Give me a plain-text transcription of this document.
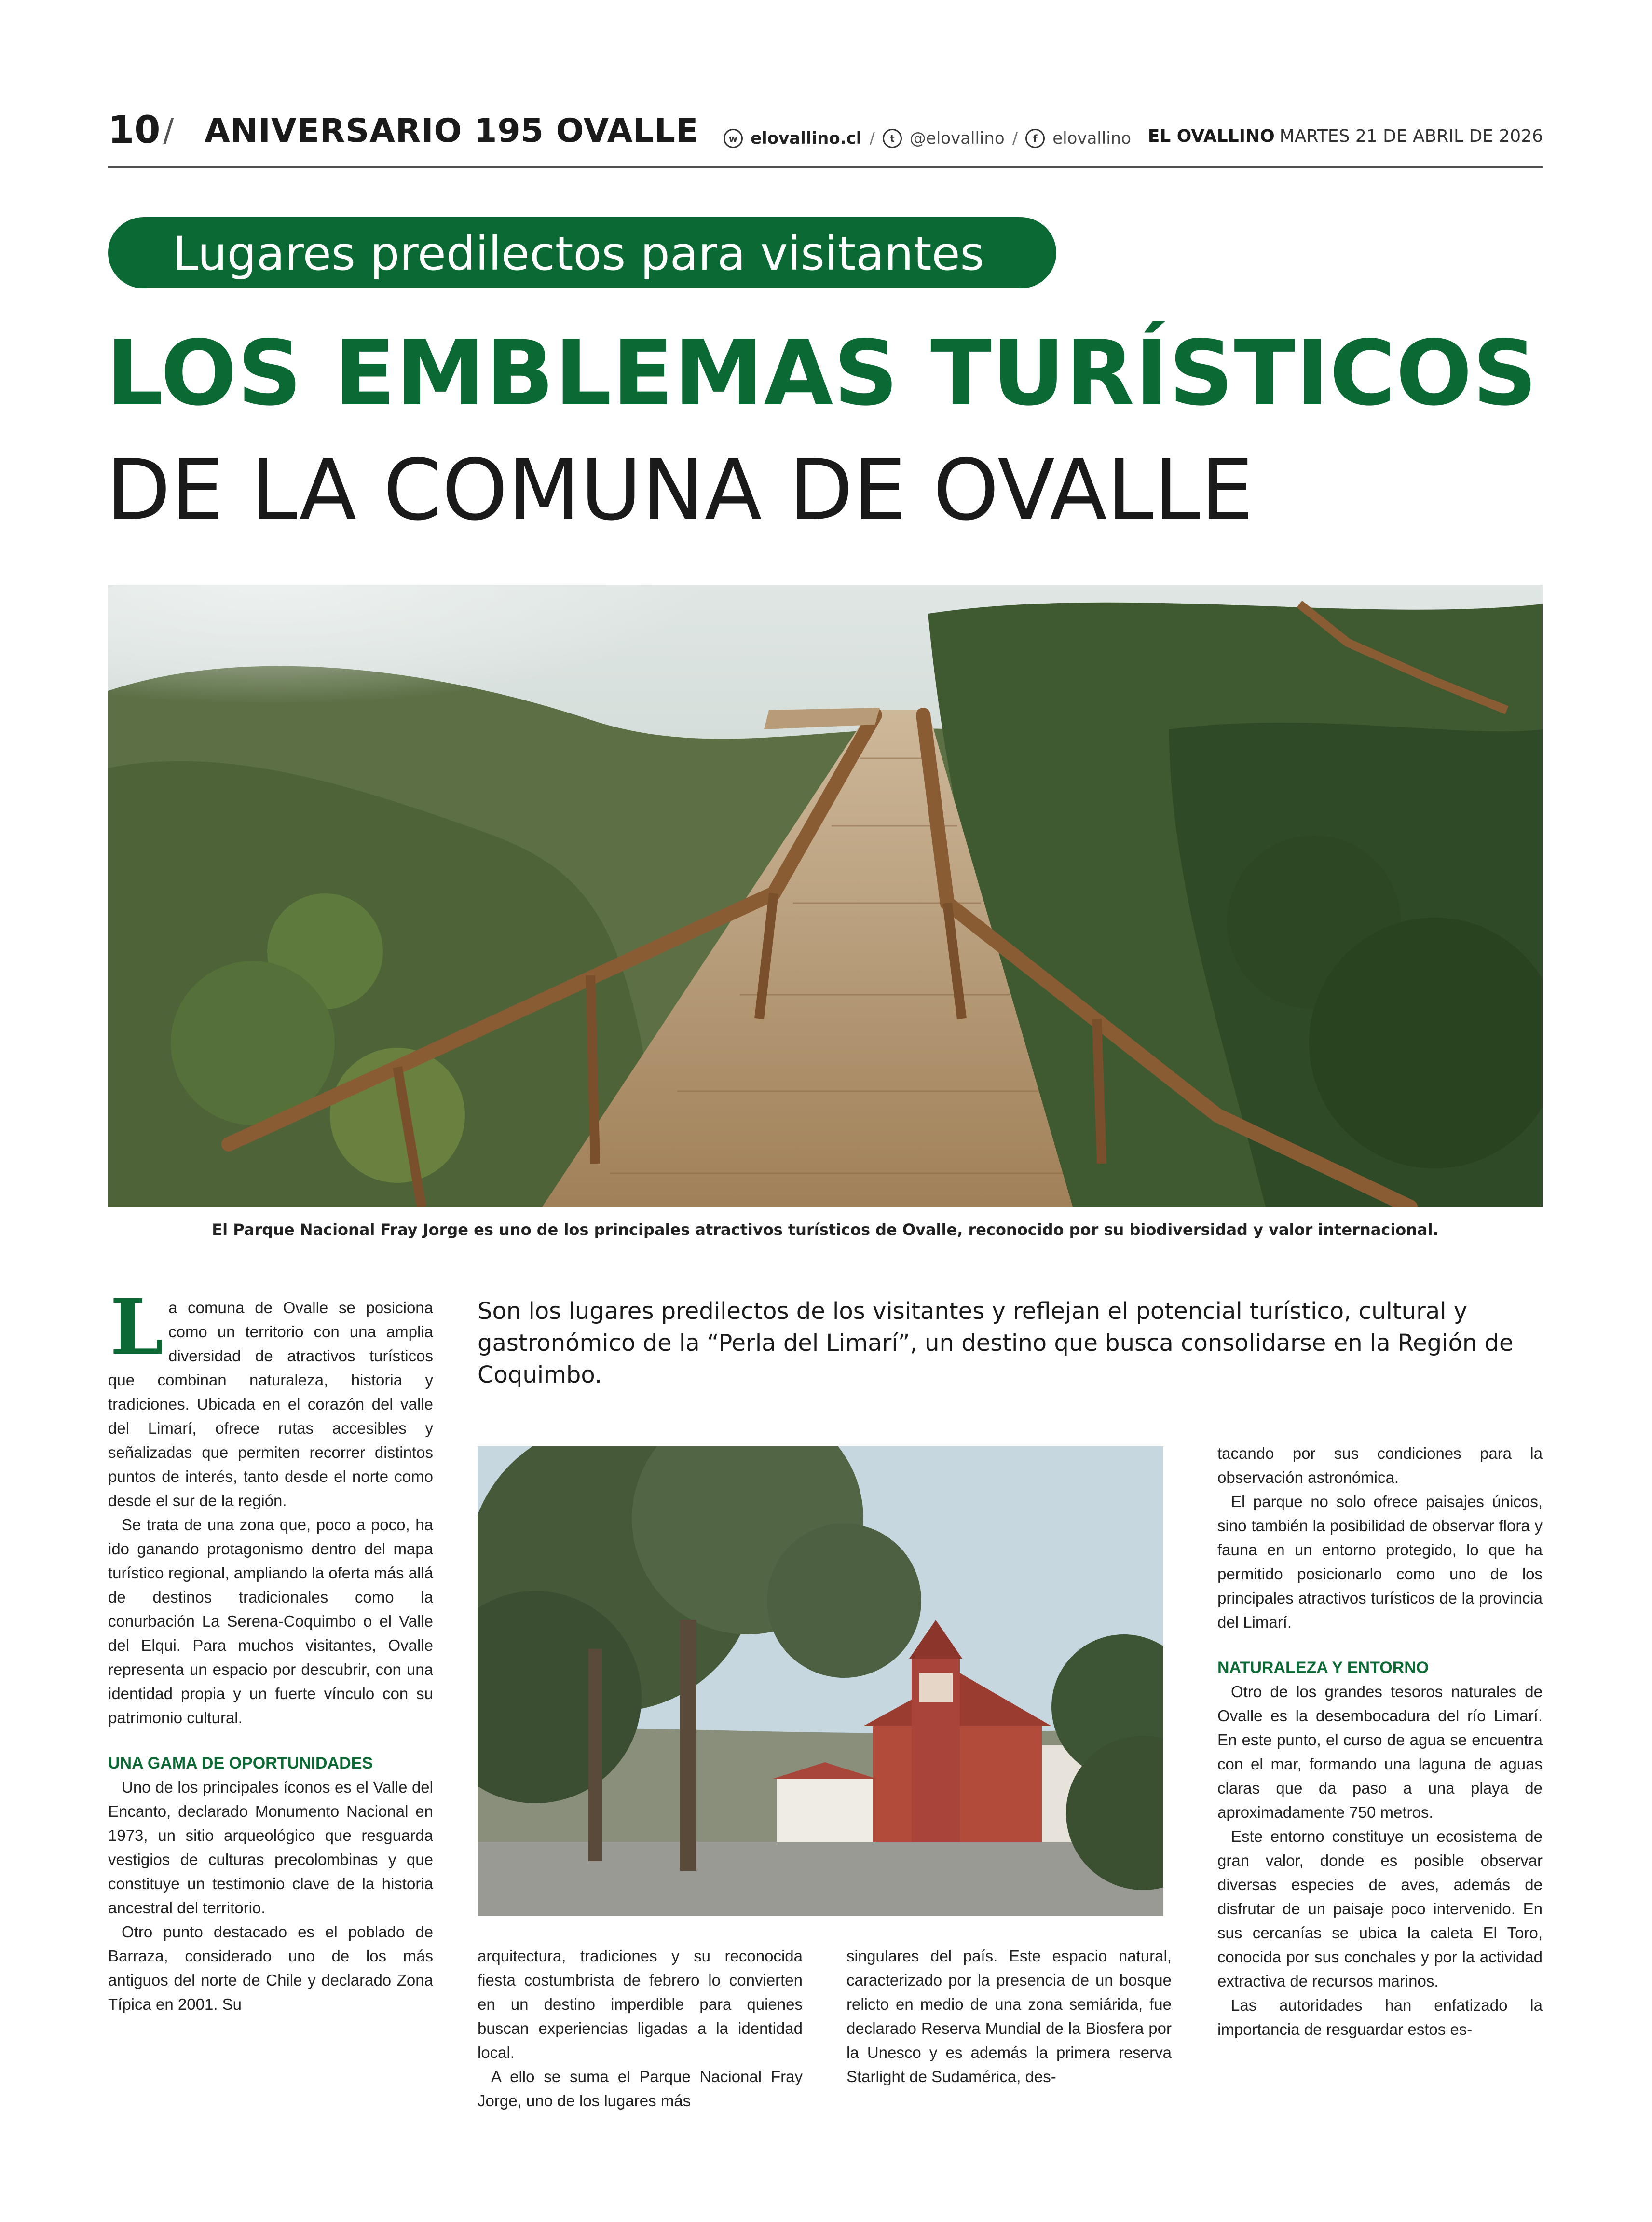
10 / ANIVERSARIO 195 OVALLE	w elovallino.cl /	t @elovallino /	f elovallino EL OVALLINO MARTES 21 DE ABRIL DE 2026
Lugares predilectos para visitantes
LOS EMBLEMAS TURÍSTICOS
DE LA COMUNA DE OVALLE
El Parque Nacional Fray Jorge es uno de los principales atractivos turísticos de Ovalle, reconocido por su biodiversidad y valor internacional.

La comuna de Ovalle se posiciona como un territorio con una amplia diversidad de atractivos turísticos que combinan naturaleza, historia y tradiciones. Ubicada en el corazón del valle del Limarí, ofrece rutas accesibles y señalizadas que permiten recorrer distintos puntos de interés, tanto desde el norte como desde el sur de la región.

Se trata de una zona que, poco a poco, ha ido ganando protagonismo dentro del mapa turístico regional, ampliando la oferta más allá de destinos tradicionales como la conurbación La Serena-Coquimbo o el Valle del Elqui. Para muchos visitantes, Ovalle representa un espacio por descubrir, con una identidad propia y un fuerte vínculo con su patrimonio cultural.

UNA GAMA DE OPORTUNIDADES

Uno de los principales íconos es el Valle del Encanto, declarado Monumento Nacional en 1973, un sitio arqueológico que resguarda vestigios de culturas precolombinas y que constituye un testimonio clave de la historia ancestral del territorio.

Otro punto destacado es el poblado de Barraza, considerado uno de los más antiguos del norte de Chile y declarado Zona Típica en 2001. Su

Son los lugares predilectos de los visitantes y reflejan el potencial turístico, cultural y gastronómico de la “Perla del Limarí”, un destino que busca consolidarse en la Región de Coquimbo.

arquitectura, tradiciones y su reconocida fiesta costumbrista de febrero lo convierten en un destino imperdible para quienes buscan experiencias ligadas a la identidad local.

A ello se suma el Parque Nacional Fray Jorge, uno de los lugares más

singulares del país. Este espacio natural, caracterizado por la presencia de un bosque relicto en medio de una zona semiárida, fue declarado Reserva Mundial de la Biosfera por la Unesco y es además la primera reserva Starlight de Sudamérica, des-

tacando por sus condiciones para la observación astronómica.

El parque no solo ofrece paisajes únicos, sino también la posibilidad de observar flora y fauna en un entorno protegido, lo que ha permitido posicionarlo como uno de los principales atractivos turísticos de la provincia del Limarí.

NATURALEZA Y ENTORNO

Otro de los grandes tesoros naturales de Ovalle es la desembocadura del río Limarí. En este punto, el curso de agua se encuentra con el mar, formando una laguna de aguas claras que da paso a una playa de aproximadamente 750 metros.

Este entorno constituye un ecosistema de gran valor, donde es posible observar diversas especies de aves, además de disfrutar de un paisaje poco intervenido. En sus cercanías se ubica la caleta El Toro, conocida por sus conchales y por la actividad extractiva de recursos marinos.

Las autoridades han enfatizado la importancia de resguardar estos es-
